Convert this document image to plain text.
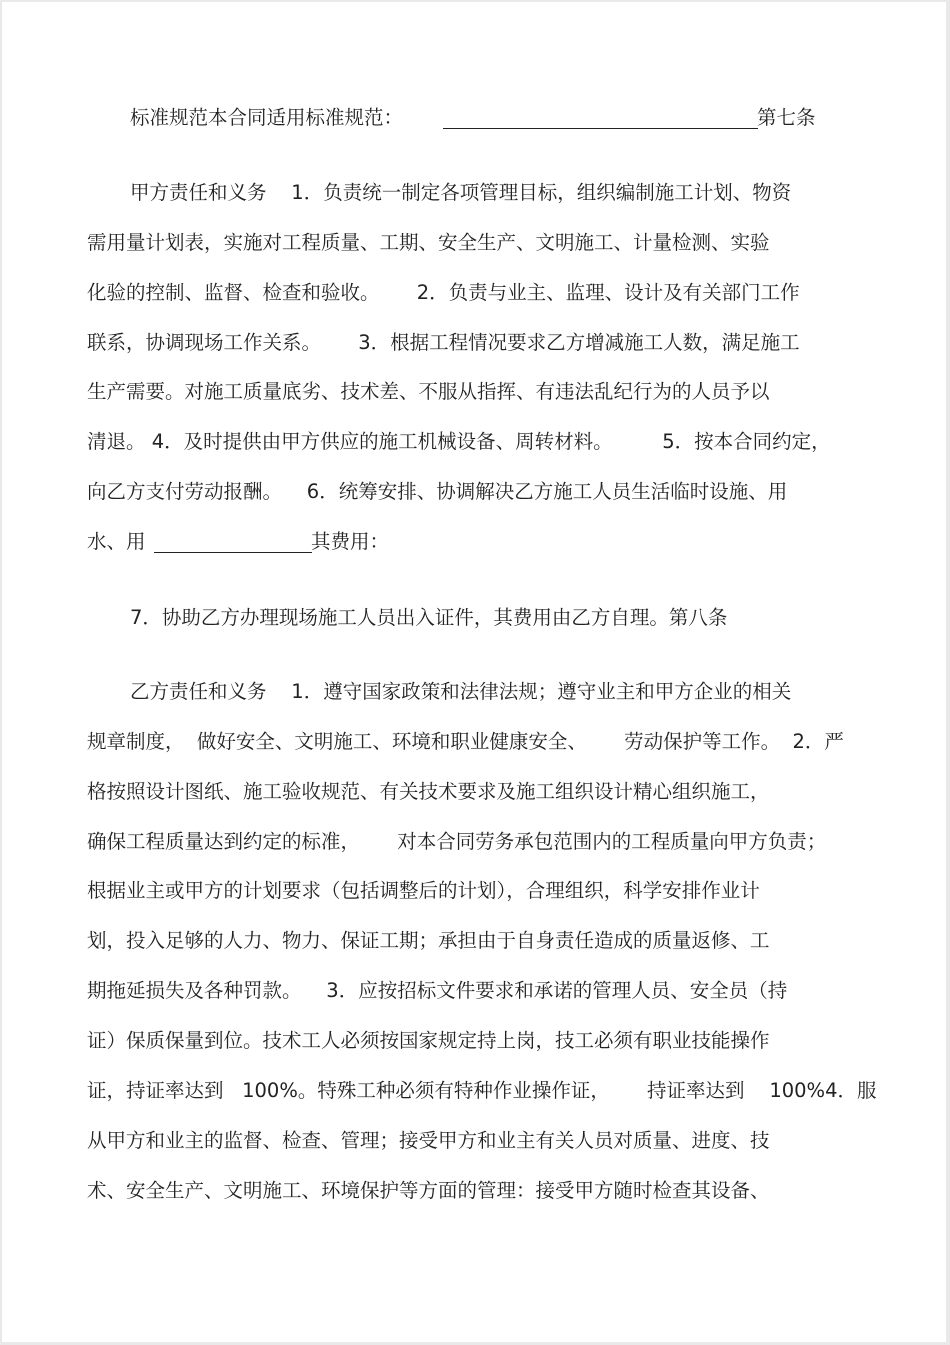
标准规范本合同适用标准规范：	第七条
甲方责任和义务    1．负责统一制定各项管理目标，组织编制施工计划、物资
需用量计划表，实施对工程质量、工期、安全生产、文明施工、计量检测、实验
化验的控制、监督、检查和验收。      2．负责与业主、监理、设计及有关部门工作
联系，协调现场工作关系。      3．根据工程情况要求乙方增减施工人数，满足施工
生产需要。对施工质量底劣、技术差、不服从指挥、有违法乱纪行为的人员予以
清退。 4．及时提供由甲方供应的施工机械设备、周转材料。        5．按本合同约定，
向乙方支付劳动报酬。    6．统筹安排、协调解决乙方施工人员生活临时设施、用
水、用	其费用：
7．协助乙方办理现场施工人员出入证件，其费用由乙方自理。第八条
乙方责任和义务    1．遵守国家政策和法律法规；遵守业主和甲方企业的相关
规章制度，  做好安全、文明施工、环境和职业健康安全、      劳动保护等工作。  2．严
格按照设计图纸、施工验收规范、有关技术要求及施工组织设计精心组织施工，
确保工程质量达到约定的标准，      对本合同劳务承包范围内的工程质量向甲方负责；
根据业主或甲方的计划要求（包括调整后的计划），合理组织，科学安排作业计
划，投入足够的人力、物力、保证工期；承担由于自身责任造成的质量返修、工
期拖延损失及各种罚款。    3．应按招标文件要求和承诺的管理人员、安全员（持
证）保质保量到位。技术工人必须按国家规定持上岗，技工必须有职业技能操作
证，持证率达到   100%。特殊工种必须有特种作业操作证，      持证率达到    100%4．服
从甲方和业主的监督、检查、管理；接受甲方和业主有关人员对质量、进度、技
术、安全生产、文明施工、环境保护等方面的管理：接受甲方随时检查其设备、
